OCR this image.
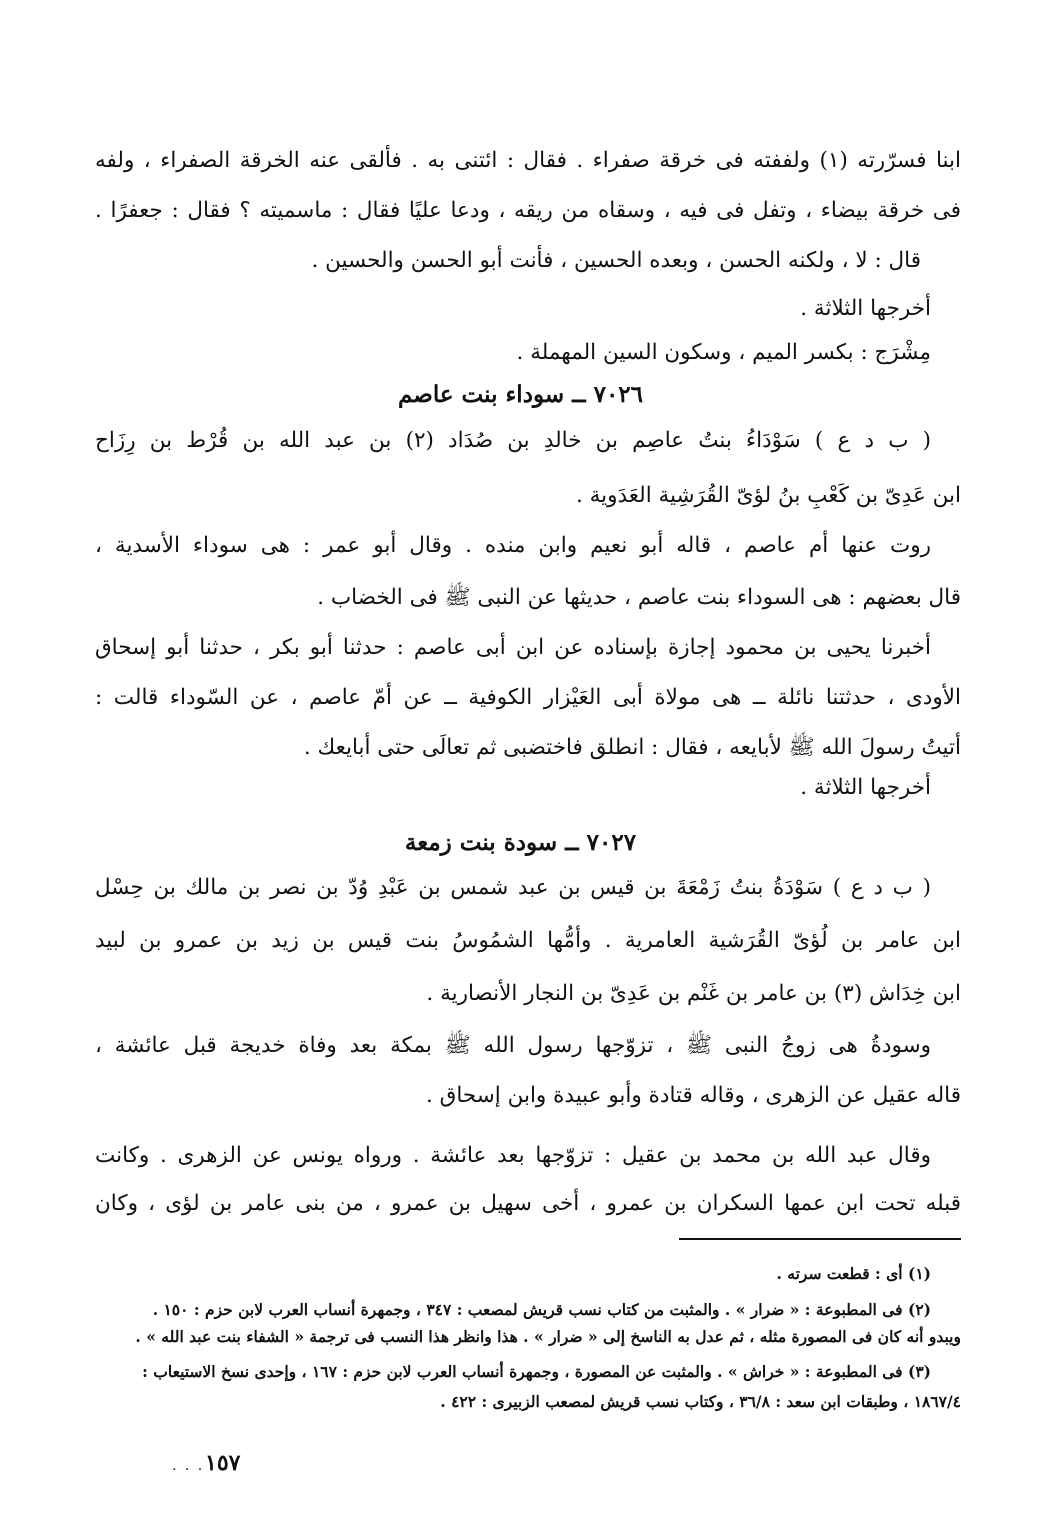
ابنا فسرّرته (١) ولففته فى خرقة صفراء . فقال : ائتنى به . فألقى عنه الخرقة الصفراء ، ولفه
فى خرقة بيضاء ، وتفل فى فيه ، وسقاه من ريقه ، ودعا عليًا فقال : ماسميته ؟ فقال : جعفرًا .
قال : لا ، ولكنه الحسن ، وبعده الحسين ، فأنت أبو الحسن والحسين .
أخرجها الثلاثة .
مِشْرَج : بكسر الميم ، وسكون السين المهملة .
٧٠٢٦ ــ سوداء بنت عاصم
( ب د ع ) سَوْدَاءُ بنتُ عاصِم بن خالدِ بن صُدَاد (٢) بن عبد الله بن قُرْط بن رِزَاح
ابن عَدِىّ بن كَعْبِ بنُ لؤىّ القُرَشِية العَدَوية .
روت عنها أم عاصم ، قاله أبو نعيم وابن منده . وقال أبو عمر : هى سوداء الأسدية ،
قال بعضهم : هى السوداء بنت عاصم ، حديثها عن النبى ﷺ فى الخضاب .
أخبرنا يحيى بن محمود إجازة بإسناده عن ابن أبى عاصم : حدثنا أبو بكر ، حدثنا أبو إسحاق
الأودى ، حدثتنا نائلة ــ هى مولاة أبى العَيْزار الكوفية ــ عن أمّ عاصم ، عن السّوداء قالت :
أتيتُ رسولَ الله ﷺ لأبايعه ، فقال : انطلق فاختضبى ثم تعالَى حتى أبايعك .
أخرجها الثلاثة .
٧٠٢٧ ــ سودة بنت زمعة
( ب د ع ) سَوْدَةُ بنتُ زَمْعَةَ بن قيس بن عبد شمس بن عَبْدِ وُدّ بن نصر بن مالك بن حِسْل
ابن عامر بن لُؤىّ القُرَشية العامرية . وأمُّها الشمُوسُ بنت قيس بن زيد بن عمرو بن لبيد
ابن خِدَاش (٣) بن عامر بن غَنْم بن عَدِىّ بن النجار الأنصارية .
وسودةُ هى زوجُ النبى ﷺ ، تزوّجها رسول الله ﷺ بمكة بعد وفاة خديجة قبل عائشة ،
قاله عقيل عن الزهرى ، وقاله قتادة وأبو عبيدة وابن إسحاق .
وقال عبد الله بن محمد بن عقيل : تزوّجها بعد عائشة . ورواه يونس عن الزهرى . وكانت
قبله تحت ابن عمها السكران بن عمرو ، أخى سهيل بن عمرو ، من بنى عامر بن لؤى ، وكان
(١) أى : قطعت سرته .
(٢) فى المطبوعة : « ضرار » . والمثبت من كتاب نسب قريش لمصعب : ٣٤٧ ، وجمهرة أنساب العرب لابن حزم : ١٥٠ .
ويبدو أنه كان فى المصورة مثله ، ثم عدل به الناسخ إلى « ضرار » . هذا وانظر هذا النسب فى ترجمة « الشفاء بنت عبد الله » .
(٣) فى المطبوعة : « خراش » . والمثبت عن المصورة ، وجمهرة أنساب العرب لابن حزم : ١٦٧ ، وإحدى نسخ الاستيعاب :
١٨٦٧/٤ ، وطبقات ابن سعد : ٣٦/٨ ، وكتاب نسب قريش لمصعب الزبيرى : ٤٢٢ .
. . . ١٥٧
